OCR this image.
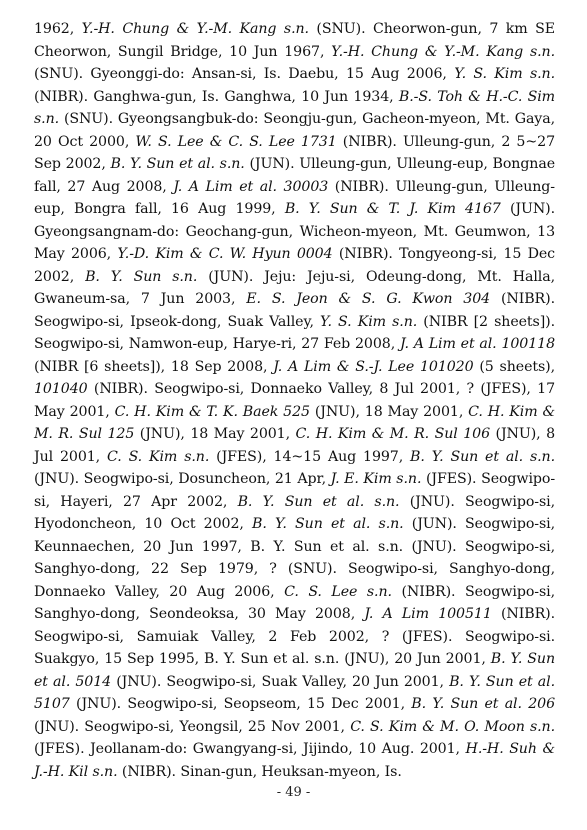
1962, Y.-H. Chung & Y.-M. Kang s.n. (SNU). Cheorwon-gun, 7 km SE Cheorwon, Sungil Bridge, 10 Jun 1967, Y.-H. Chung & Y.-M. Kang s.n. (SNU). Gyeonggi-do: Ansan-si, Is. Daebu, 15 Aug 2006, Y. S. Kim s.n. (NIBR). Ganghwa-gun, Is. Ganghwa, 10 Jun 1934, B.-S. Toh & H.-C. Sim s.n. (SNU). Gyeongsangbuk-do: Seongju-gun, Gacheon-myeon, Mt. Gaya, 20 Oct 2000, W. S. Lee & C. S. Lee 1731 (NIBR). Ulleung-gun, 2 5~27 Sep 2002, B. Y. Sun et al. s.n. (JUN). Ulleung-gun, Ulleung-eup, Bongnae fall, 27 Aug 2008, J. A Lim et al. 30003 (NIBR). Ulleung-gun, Ulleung-eup, Bongra fall, 16 Aug 1999, B. Y. Sun & T. J. Kim 4167 (JUN). Gyeongsangnam-do: Geochang-gun, Wicheon-myeon, Mt. Geumwon, 13 May 2006, Y.-D. Kim & C. W. Hyun 0004 (NIBR). Tongyeong-si, 15 Dec 2002, B. Y. Sun s.n. (JUN). Jeju: Jeju-si, Odeung-dong, Mt. Halla, Gwaneum-sa, 7 Jun 2003, E. S. Jeon & S. G. Kwon 304 (NIBR). Seogwipo-si, Ipseok-dong, Suak Valley, Y. S. Kim s.n. (NIBR [2 sheets]). Seogwipo-si, Namwon-eup, Harye-ri, 27 Feb 2008, J. A Lim et al. 100118 (NIBR [6 sheets]), 18 Sep 2008, J. A Lim & S.-J. Lee 101020 (5 sheets), 101040 (NIBR). Seogwipo-si, Donnaeko Valley, 8 Jul 2001, ? (JFES), 17 May 2001, C. H. Kim & T. K. Baek 525 (JNU), 18 May 2001, C. H. Kim & M. R. Sul 125 (JNU), 18 May 2001, C. H. Kim & M. R. Sul 106 (JNU), 8 Jul 2001, C. S. Kim s.n. (JFES), 14~15 Aug 1997, B. Y. Sun et al. s.n. (JNU). Seogwipo-si, Dosuncheon, 21 Apr, J. E. Kim s.n. (JFES). Seogwipo-si, Hayeri, 27 Apr 2002, B. Y. Sun et al. s.n. (JNU). Seogwipo-si, Hyodoncheon, 10 Oct 2002, B. Y. Sun et al. s.n. (JUN). Seogwipo-si, Keunnaechen, 20 Jun 1997, B. Y. Sun et al. s.n. (JNU). Seogwipo-si, Sanghyo-dong, 22 Sep 1979, ? (SNU). Seogwipo-si, Sanghyo-dong, Donnaeko Valley, 20 Aug 2006, C. S. Lee s.n. (NIBR). Seogwipo-si, Sanghyo-dong, Seondeoksa, 30 May 2008, J. A Lim 100511 (NIBR). Seogwipo-si, Samuiak Valley, 2 Feb 2002, ? (JFES). Seogwipo-si. Suakgyo, 15 Sep 1995, B. Y. Sun et al. s.n. (JNU), 20 Jun 2001, B. Y. Sun et al. 5014 (JNU). Seogwipo-si, Suak Valley, 20 Jun 2001, B. Y. Sun et al. 5107 (JNU). Seogwipo-si, Seopseom, 15 Dec 2001, B. Y. Sun et al. 206 (JNU). Seogwipo-si, Yeongsil, 25 Nov 2001, C. S. Kim & M. O. Moon s.n. (JFES). Jeollanam-do: Gwangyang-si, Jijindo, 10 Aug. 2001, H.-H. Suh & J.-H. Kil s.n. (NIBR). Sinan-gun, Heuksan-myeon, Is.
- 49 -
